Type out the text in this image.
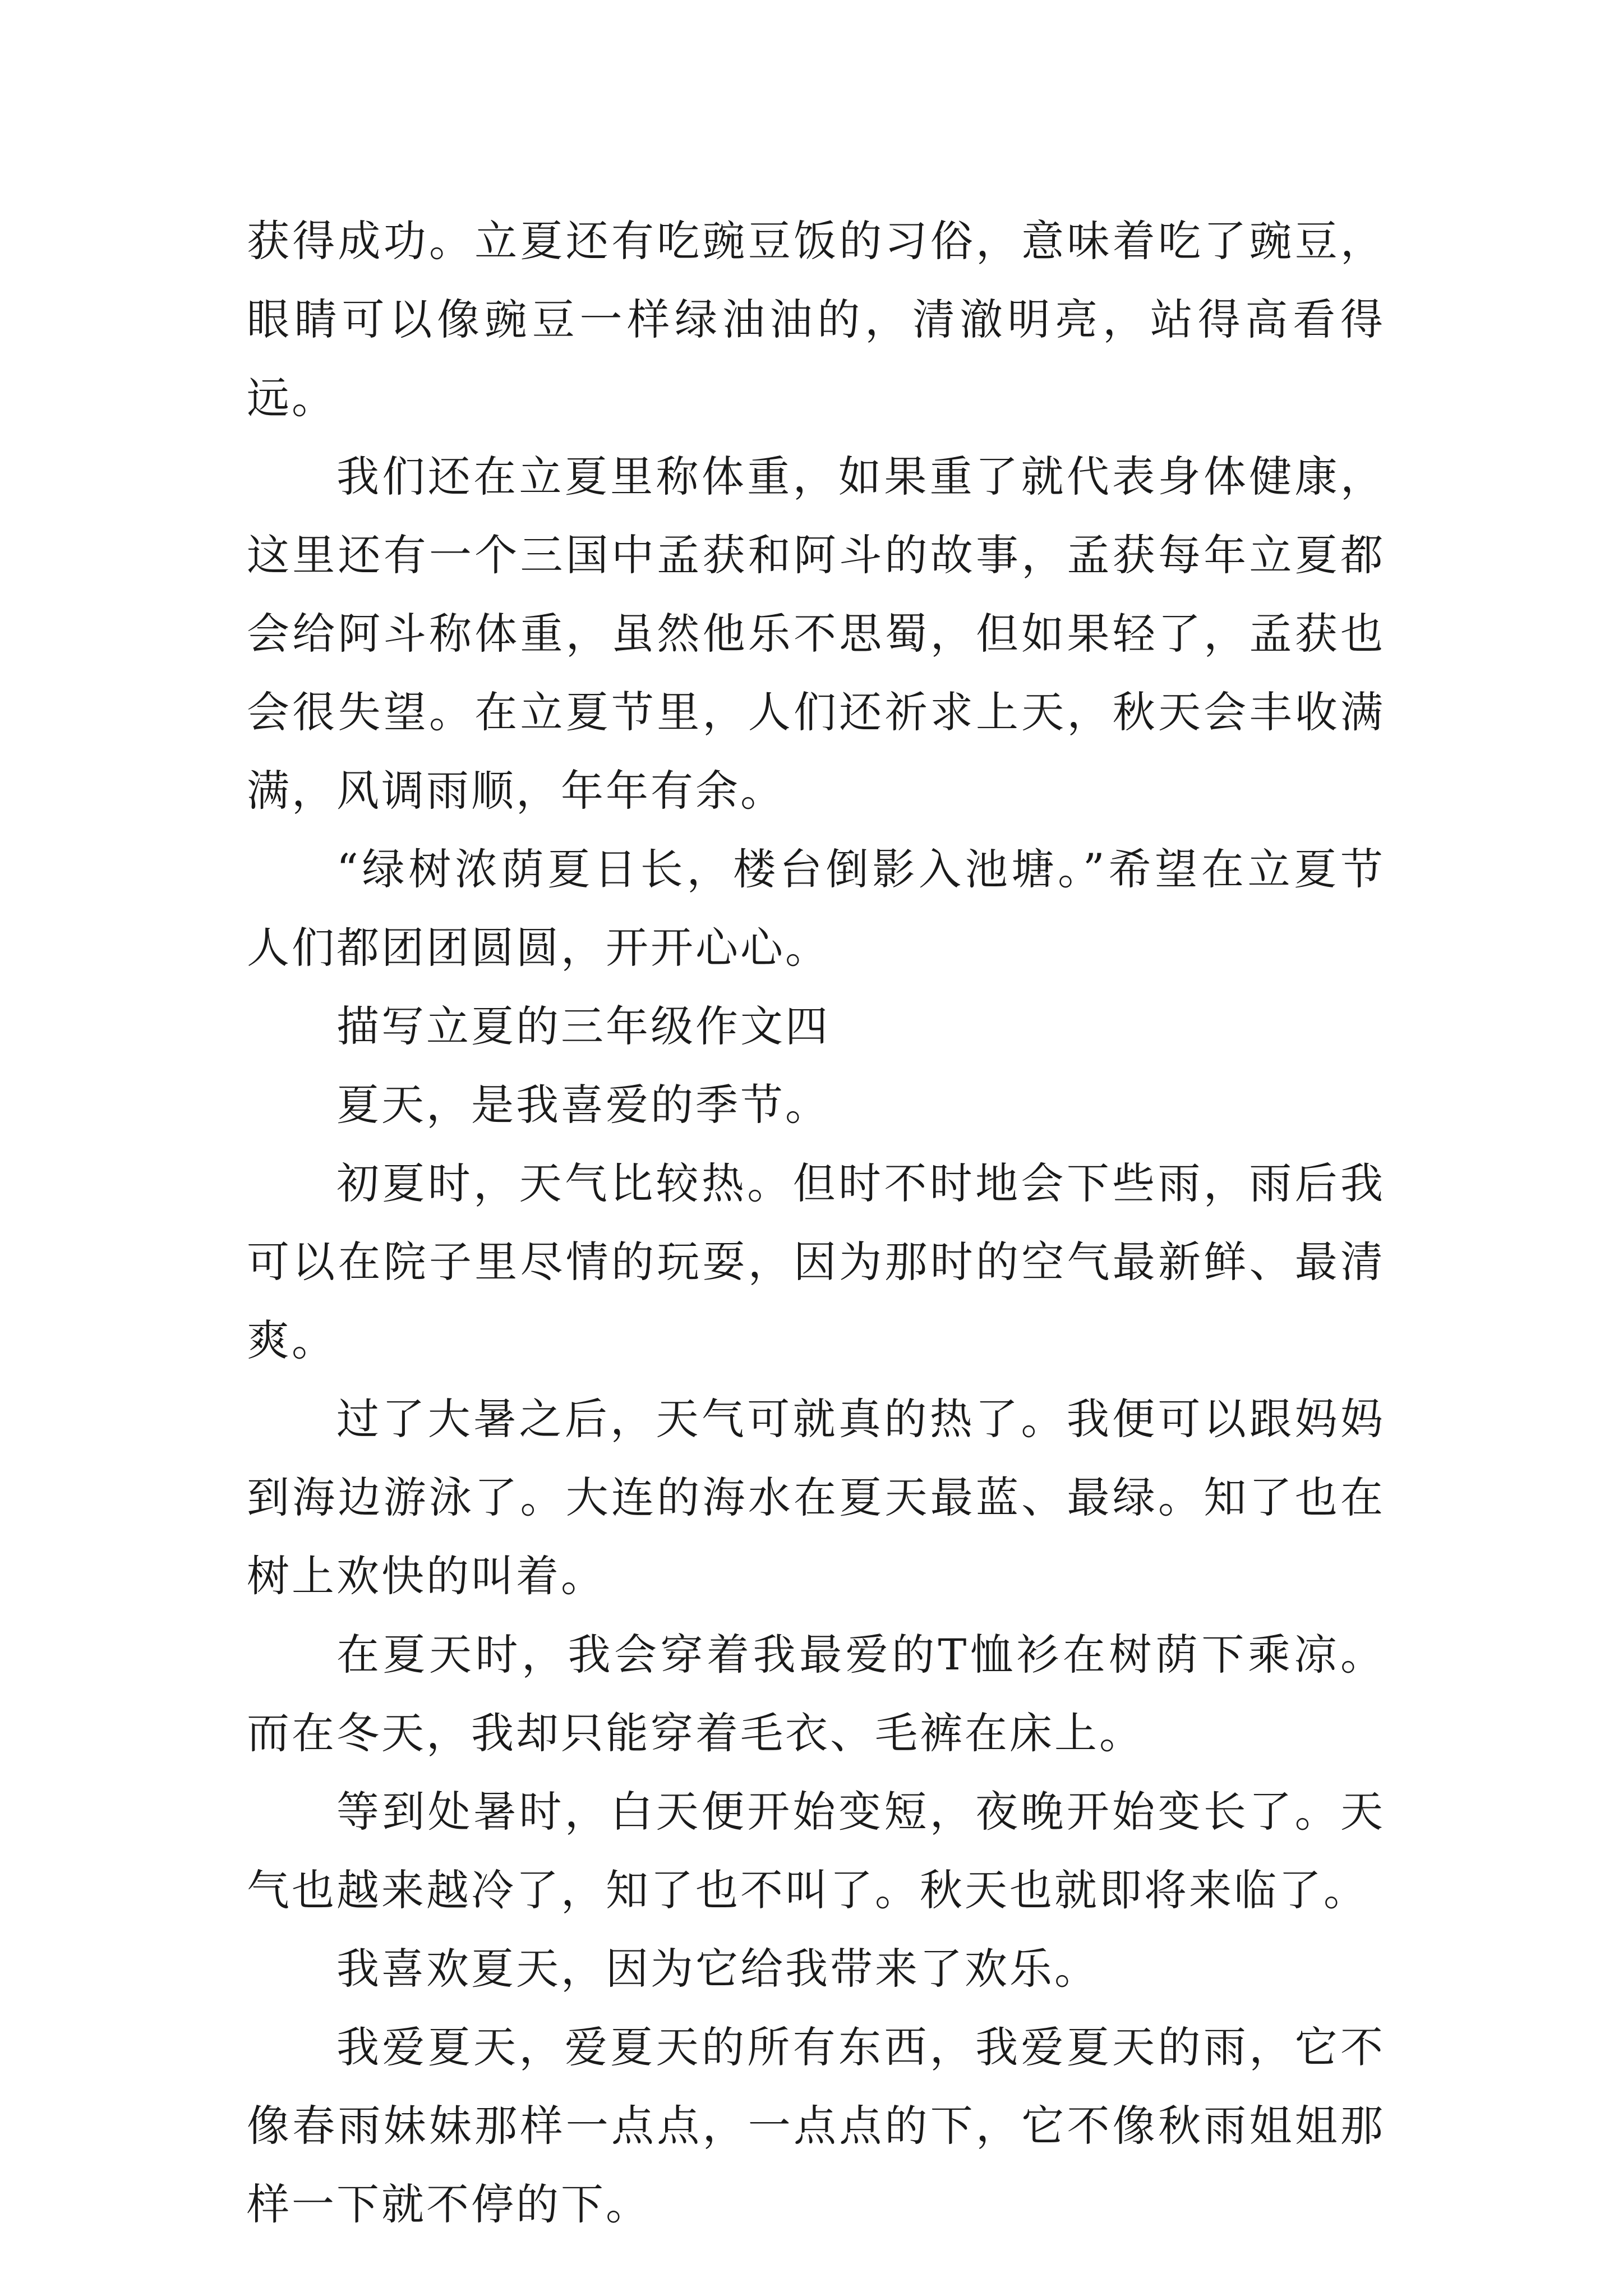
获得成功。立夏还有吃豌豆饭的习俗，意味着吃了豌豆，眼睛可以像豌豆一样绿油油的，清澈明亮，站得高看得远。

我们还在立夏里称体重，如果重了就代表身体健康，这里还有一个三国中孟获和阿斗的故事，孟获每年立夏都会给阿斗称体重，虽然他乐不思蜀，但如果轻了，孟获也会很失望。在立夏节里，人们还祈求上天，秋天会丰收满满，风调雨顺，年年有余。

“绿树浓荫夏日长，楼台倒影入池塘。”希望在立夏节人们都团团圆圆，开开心心。

描写立夏的三年级作文四

夏天，是我喜爱的季节。

初夏时，天气比较热。但时不时地会下些雨，雨后我可以在院子里尽情的玩耍，因为那时的空气最新鲜、最清爽。

过了大暑之后，天气可就真的热了。我便可以跟妈妈到海边游泳了。大连的海水在夏天最蓝、最绿。知了也在树上欢快的叫着。

在夏天时，我会穿着我最爱的T恤衫在树荫下乘凉。而在冬天，我却只能穿着毛衣、毛裤在床上。

等到处暑时，白天便开始变短，夜晚开始变长了。天气也越来越冷了，知了也不叫了。秋天也就即将来临了。

我喜欢夏天，因为它给我带来了欢乐。

我爱夏天，爱夏天的所有东西，我爱夏天的雨，它不像春雨妹妹那样一点点，一点点的下，它不像秋雨姐姐那样一下就不停的下。
